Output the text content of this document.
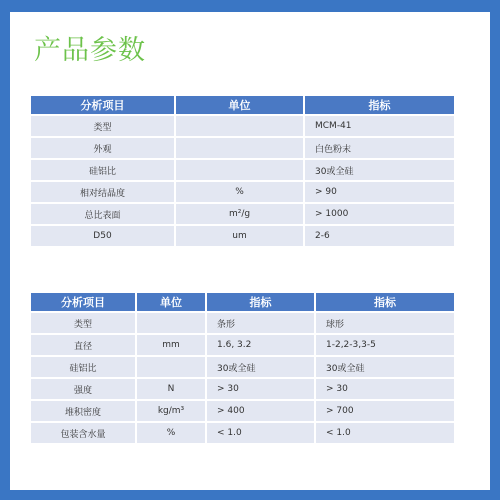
产品参数
分析项目	单位	指标
类型		MCM-41
外观		白色粉末
硅铝比		30或全硅
相对结晶度	%	> 90
总比表面	m²/g	> 1000
D50	um	2-6
分析项目	单位	指标	指标
类型		条形	球形
直径	mm	1.6, 3.2	1-2,2-3,3-5
硅铝比		30或全硅	30或全硅
强度	N	> 30	> 30
堆积密度	kg/m³	> 400	> 700
包装含水量	%	< 1.0	< 1.0
